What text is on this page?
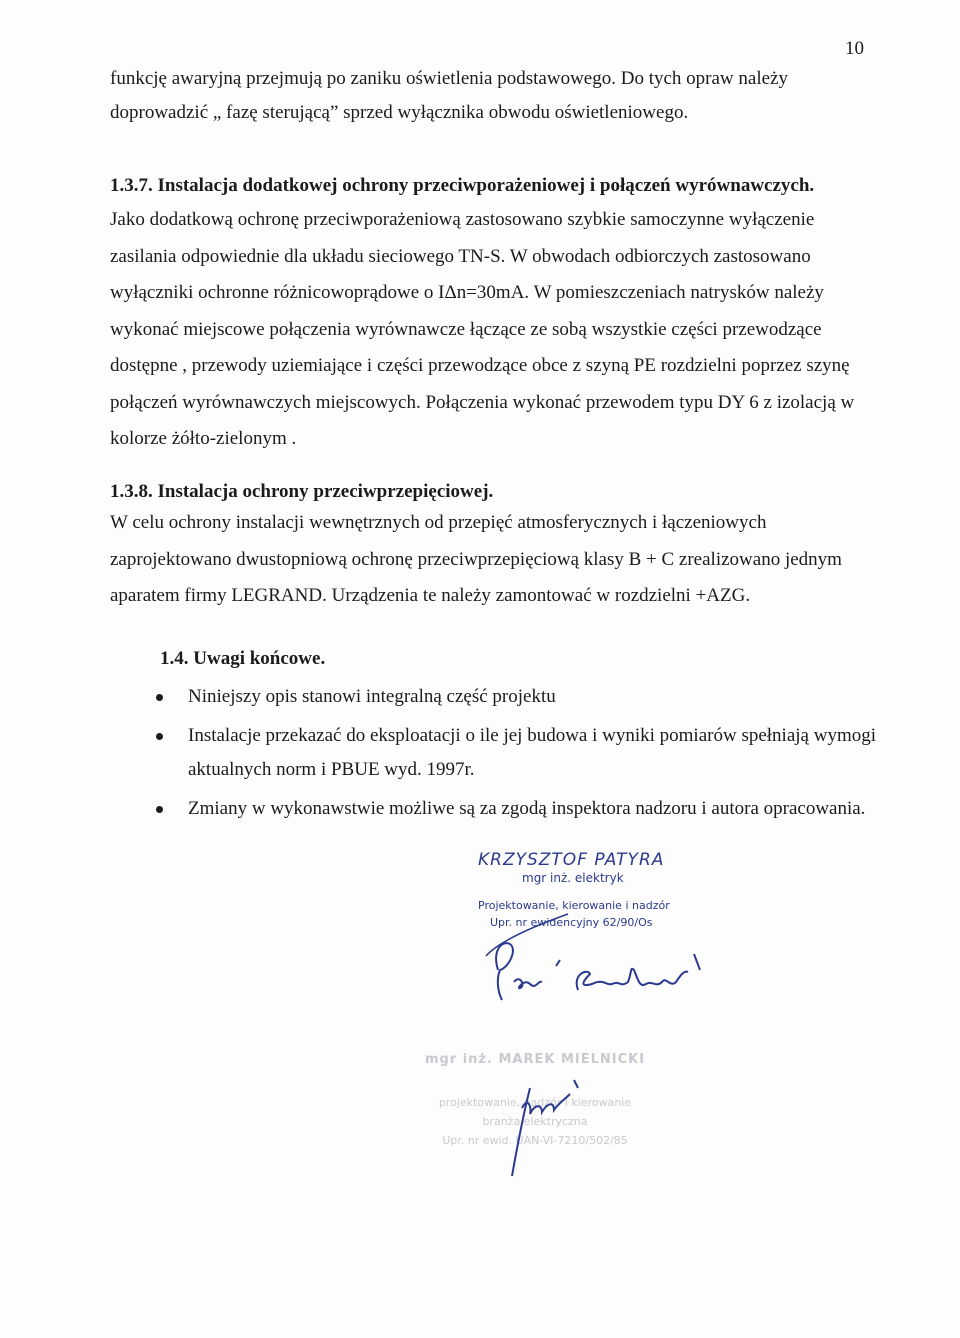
10
funkcję awaryjną przejmują po zaniku oświetlenia podstawowego. Do tych opraw należy
doprowadzić „ fazę sterującą” sprzed wyłącznika obwodu oświetleniowego.
1.3.7. Instalacja dodatkowej ochrony przeciwporażeniowej i połączeń wyrównawczych.
Jako dodatkową ochronę przeciwporażeniową zastosowano szybkie samoczynne wyłączenie
zasilania odpowiednie dla układu sieciowego TN-S. W obwodach odbiorczych zastosowano
wyłączniki ochronne różnicowoprądowe o IΔn=30mA. W pomieszczeniach natrysków należy
wykonać miejscowe połączenia wyrównawcze łączące ze sobą wszystkie części przewodzące
dostępne , przewody uziemiające i części przewodzące obce z szyną PE rozdzielni poprzez szynę
połączeń wyrównawczych miejscowych. Połączenia wykonać przewodem typu DY 6 z izolacją w
kolorze żółto-zielonym .
1.3.8. Instalacja ochrony przeciwprzepięciowej.
W celu ochrony instalacji wewnętrznych od przepięć atmosferycznych i łączeniowych
zaprojektowano dwustopniową ochronę przeciwprzepięciową klasy B + C zrealizowano jednym
aparatem firmy LEGRAND. Urządzenia te należy zamontować w rozdzielni +AZG.
1.4. Uwagi końcowe.
Niniejszy opis stanowi integralną część projektu
Instalacje przekazać do eksploatacji o ile jej budowa i wyniki pomiarów spełniają wymogi aktualnych norm i PBUE wyd. 1997r.
Zmiany w wykonawstwie możliwe są za zgodą inspektora nadzoru i autora opracowania.
KRZYSZTOF PATYRA
mgr inż. elektryk
Projektowanie, kierowanie i nadzór
Upr. nr ewidencyjny 62/90/Os
mgr inż. MAREK MIELNICKI
projektowanie, nadzór i kierowanie
branża elektryczna
Upr. nr ewid. UAN-VI-7210/502/85
